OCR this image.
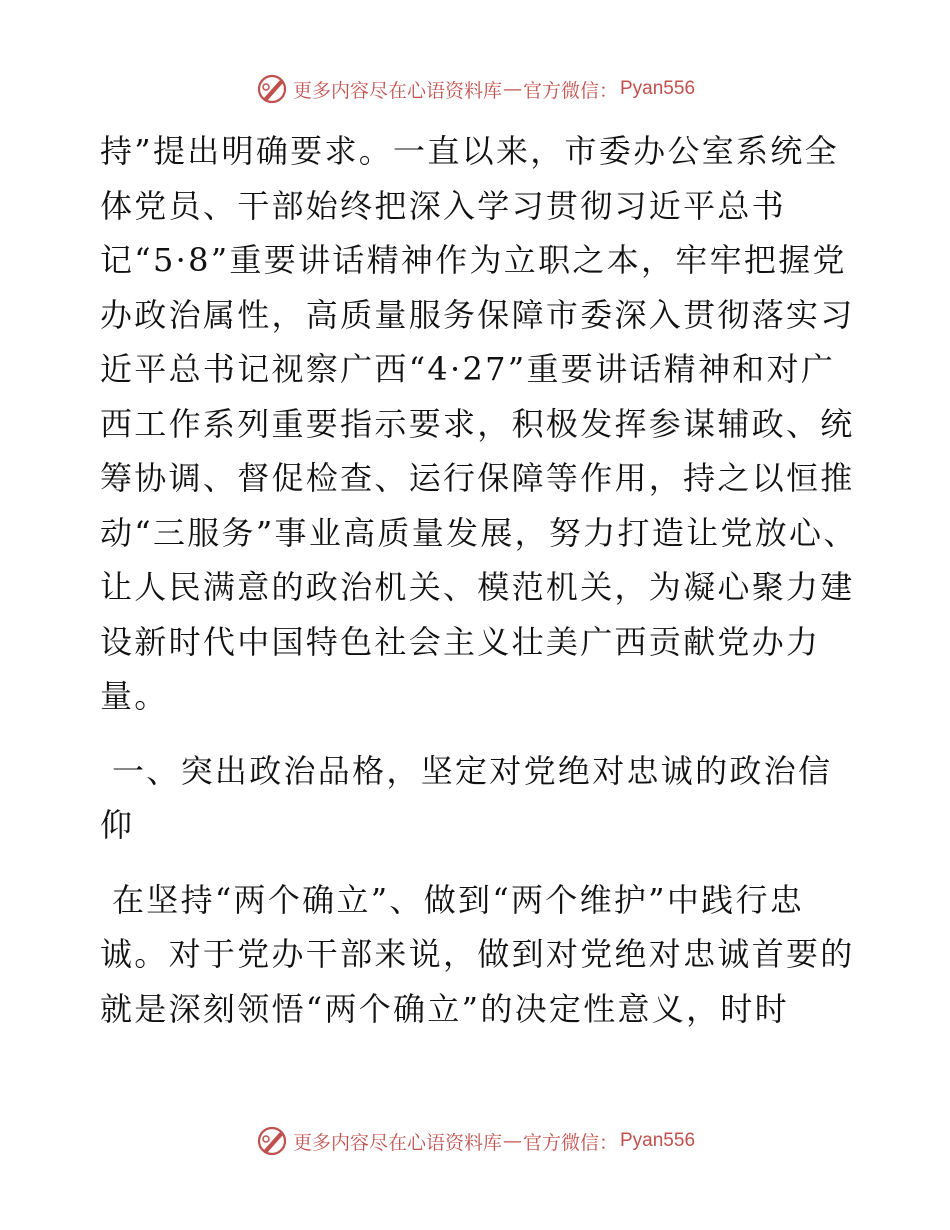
更多内容尽在心语资料库 — 官方微信： Pyan556

持”提出明确要求。一直以来，市委办公室系统全体党员、干部始终把深入学习贯彻习近平总书记“5·8”重要讲话精神作为立职之本，牢牢把握党办政治属性，高质量服务保障市委深入贯彻落实习近平总书记视察广西“4·27”重要讲话精神和对广西工作系列重要指示要求，积极发挥参谋辅政、统筹协调、督促检查、运行保障等作用，持之以恒推动“三服务”事业高质量发展，努力打造让党放心、让人民满意的政治机关、模范机关，为凝心聚力建设新时代中国特色社会主义壮美广西贡献党办力量。

一、突出政治品格，坚定对党绝对忠诚的政治信仰

在坚持“两个确立”、做到“两个维护”中践行忠诚。对于党办干部来说，做到对党绝对忠诚首要的就是深刻领悟“两个确立”的决定性意义，时时

更多内容尽在心语资料库 — 官方微信： Pyan556
